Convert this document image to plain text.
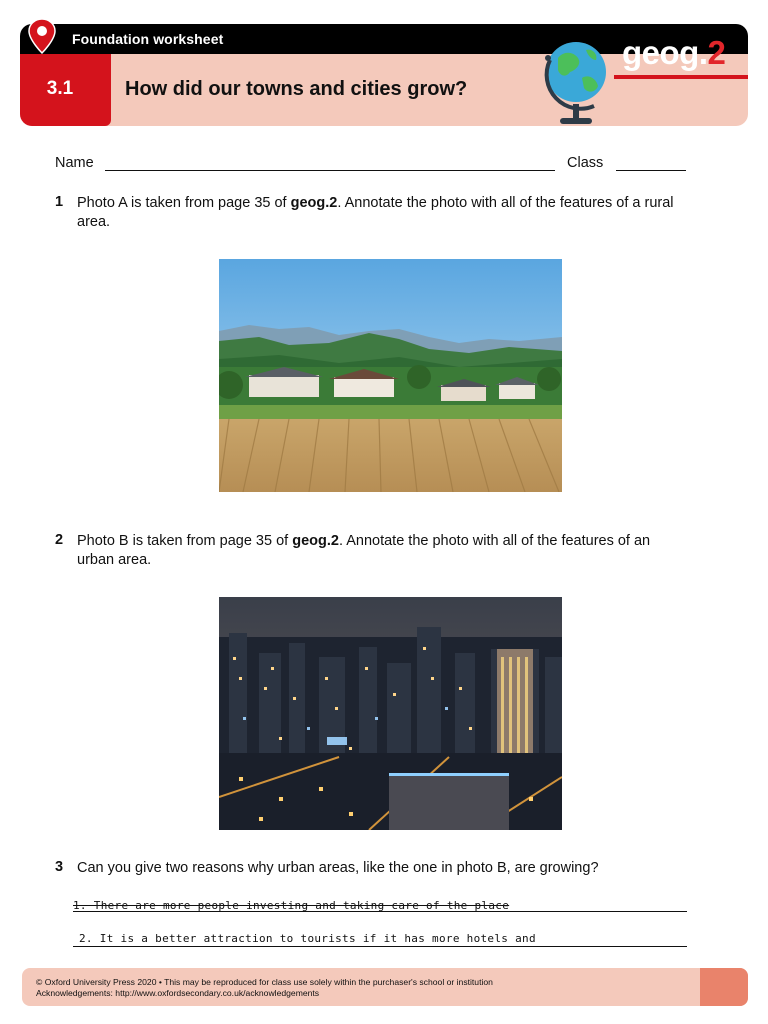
Foundation worksheet
3.1	How did our towns and cities grow?
geog.2
Name	Class
1 Photo A is taken from page 35 of geog.2. Annotate the photo with all of the features of a rural area.
2 Photo B is taken from page 35 of geog.2. Annotate the photo with all of the features of an urban area.
3 Can you give two reasons why urban areas, like the one in photo B, are growing?
1. There are more people investing and taking care of the place
2. It is a better attraction to tourists if it has more hotels and
© Oxford University Press 2020 • This may be reproduced for class use solely within the purchaser's school or institution
Acknowledgements: http://www.oxfordsecondary.co.uk/acknowledgements
